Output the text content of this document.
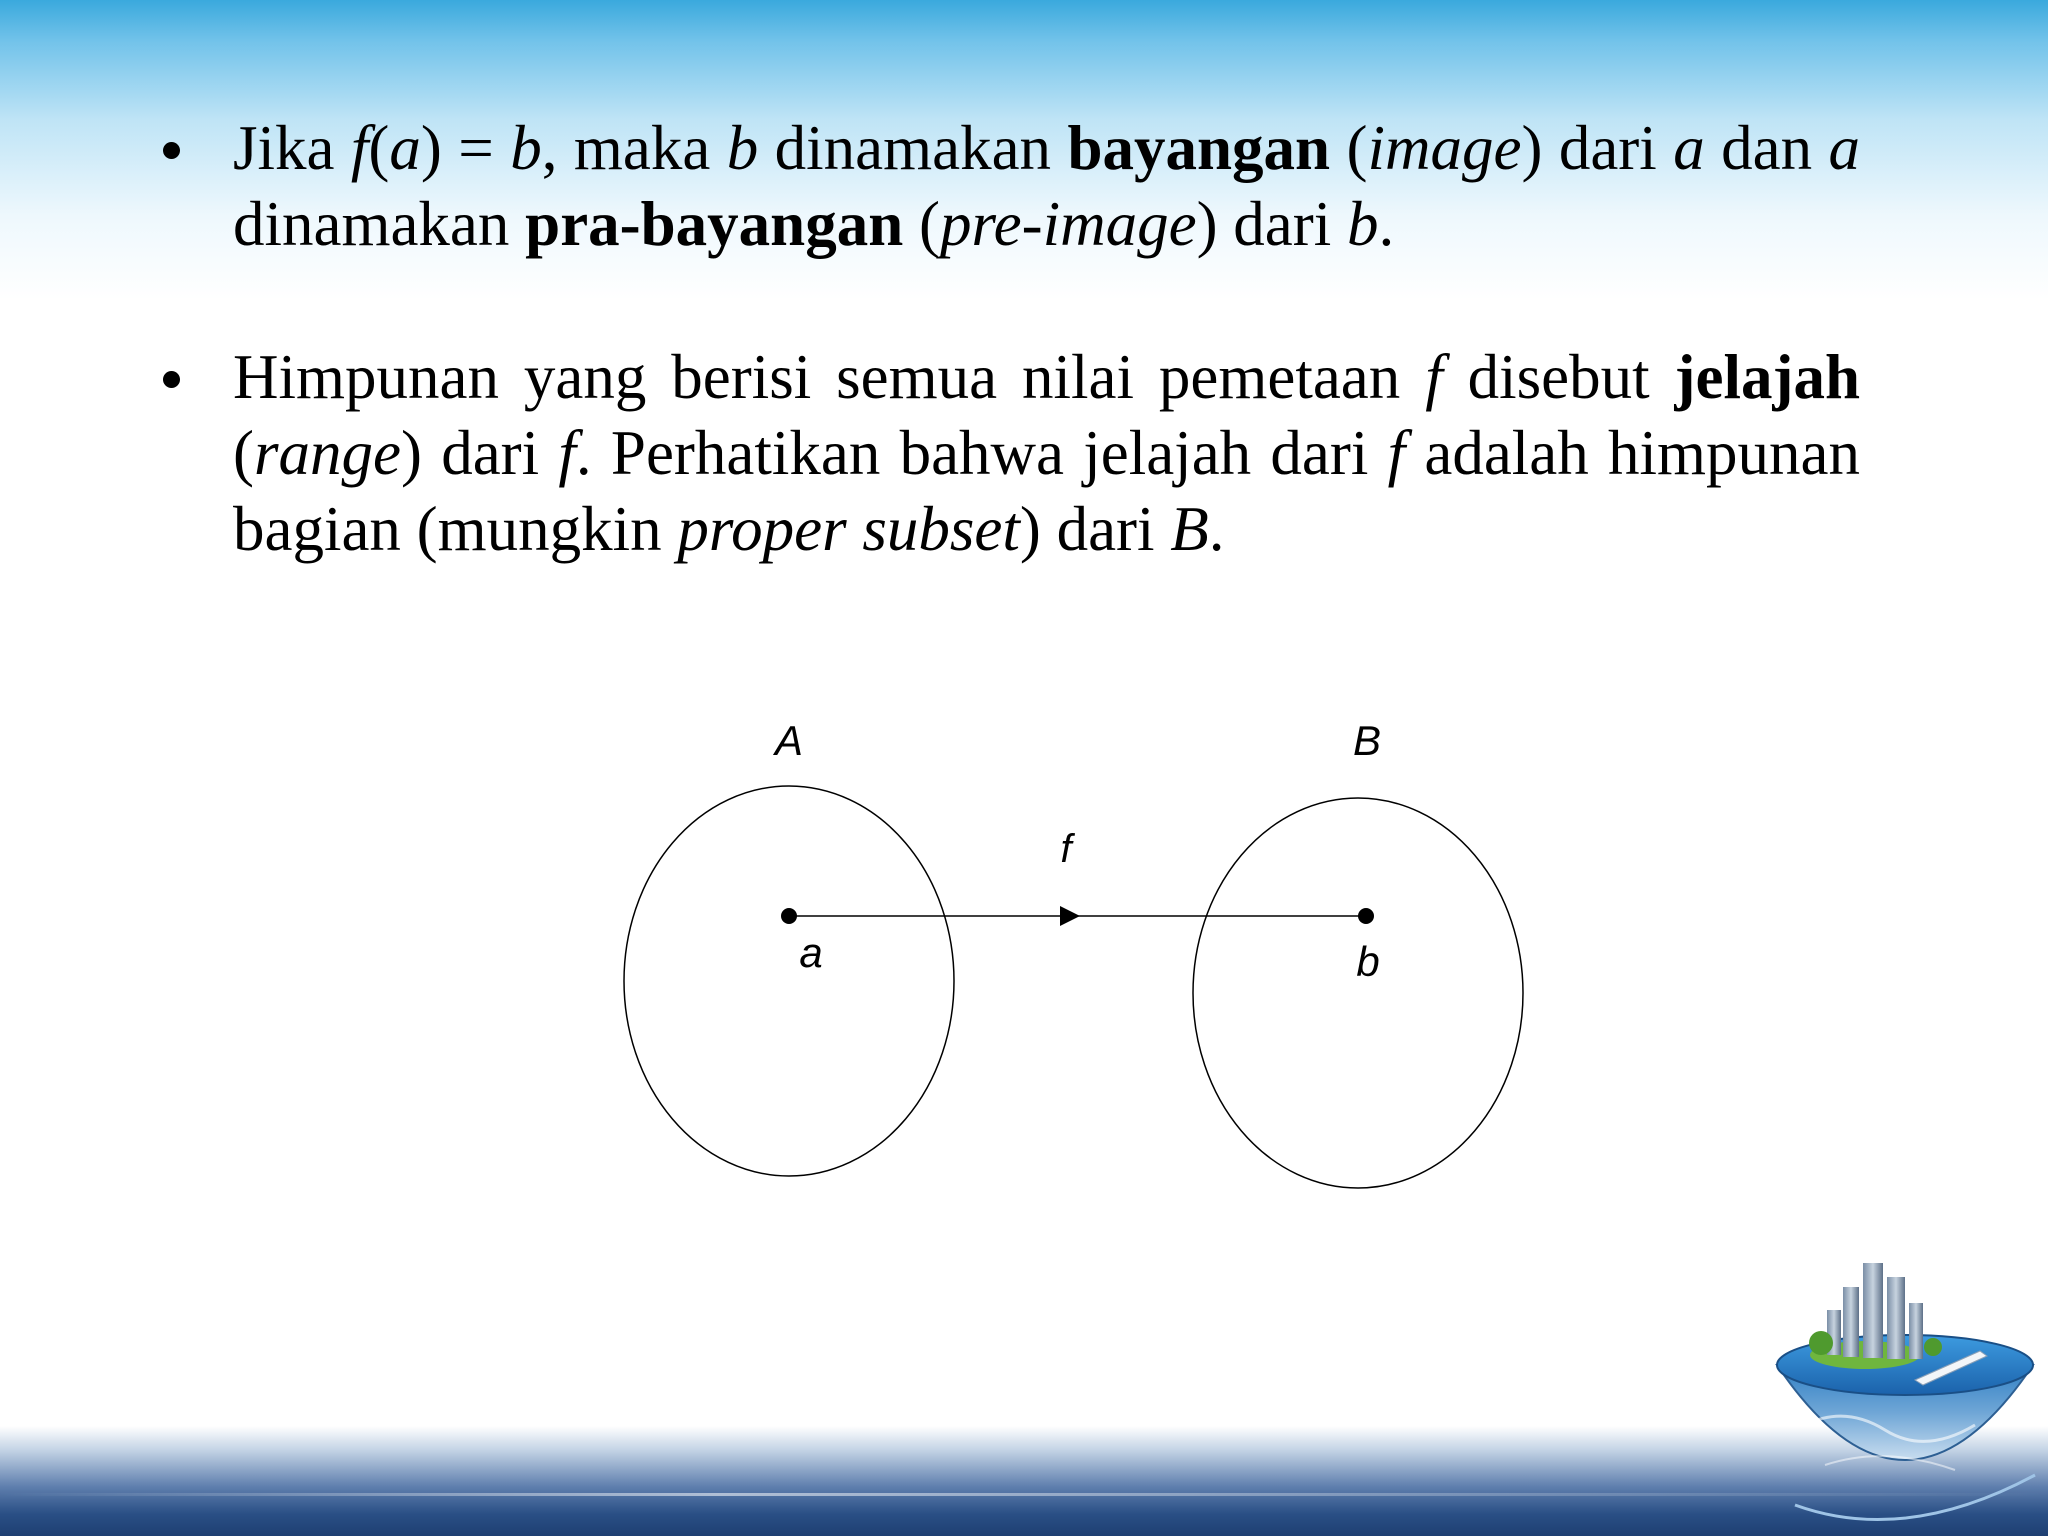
Jika f(a) = b, maka b dinamakan bayangan (image) dari a dan a dinamakan pra-bayangan (pre-image) dari b.
Himpunan yang berisi semua nilai pemetaan f disebut jelajah (range) dari f. Perhatikan bahwa jelajah dari f adalah himpunan bagian (mungkin proper subset) dari B.
A	B
f
a	b
